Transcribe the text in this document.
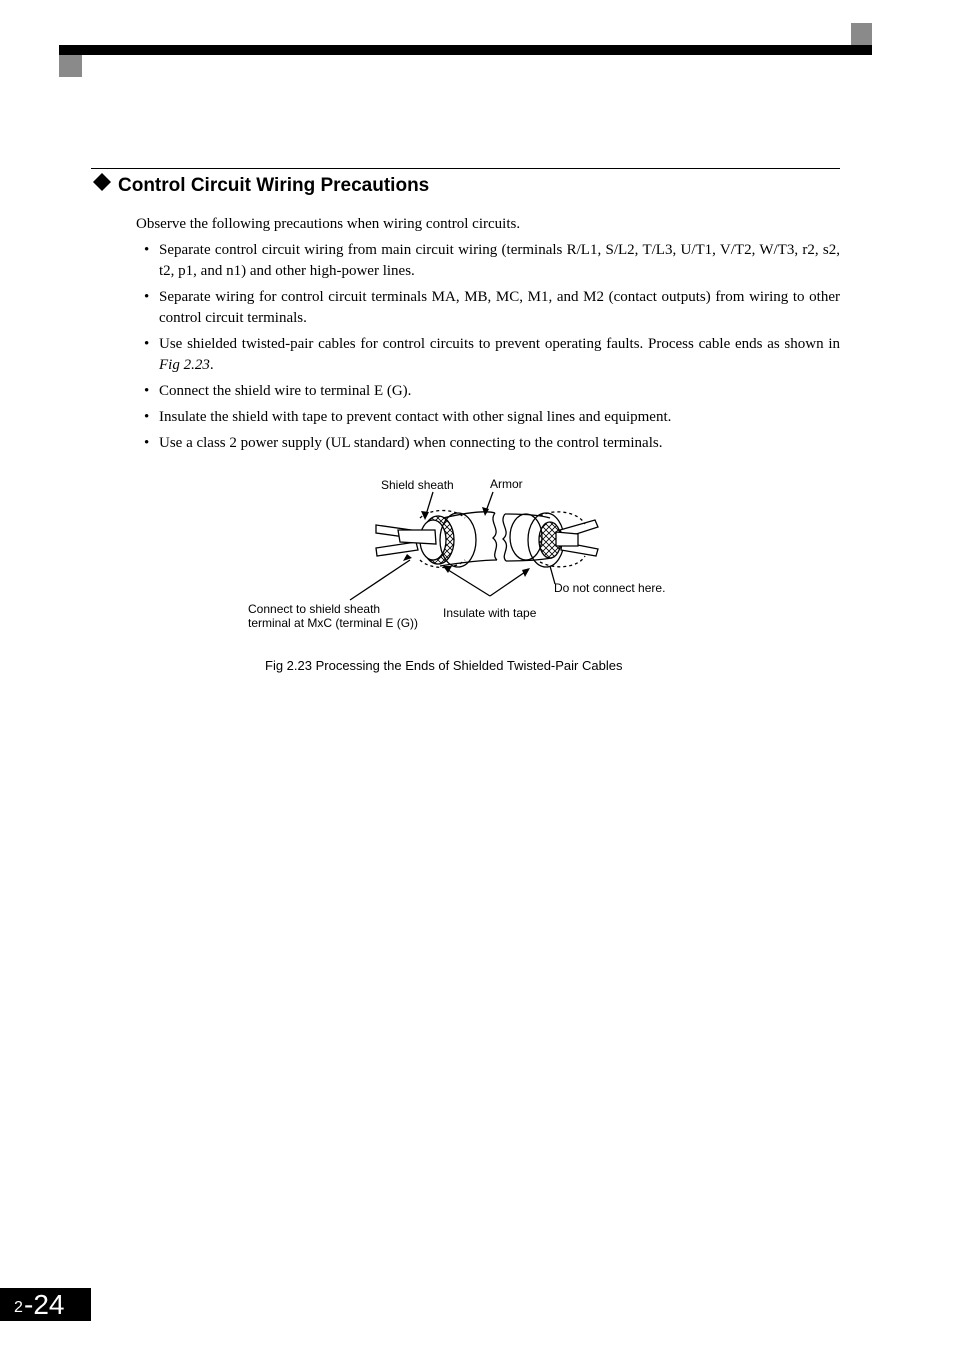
Control Circuit Wiring Precautions

Observe the following precautions when wiring control circuits.

• Separate control circuit wiring from main circuit wiring (terminals R/L1, S/L2, T/L3, U/T1, V/T2, W/T3, r2, s2, t2, p1, and n1) and other high-power lines.
• Separate wiring for control circuit terminals MA, MB, MC, M1, and M2 (contact outputs) from wiring to other control circuit terminals.
• Use shielded twisted-pair cables for control circuits to prevent operating faults. Process cable ends as shown in Fig 2.23.
• Connect the shield wire to terminal E (G).
• Insulate the shield with tape to prevent contact with other signal lines and equipment.
• Use a class 2 power supply (UL standard) when connecting to the control terminals.

Shield sheath	Armor

Do not connect here.

Connect to shield sheath

terminal at MxC (terminal E (G))

Insulate with tape

Fig 2.23 Processing the Ends of Shielded Twisted-Pair Cables

2 -24
